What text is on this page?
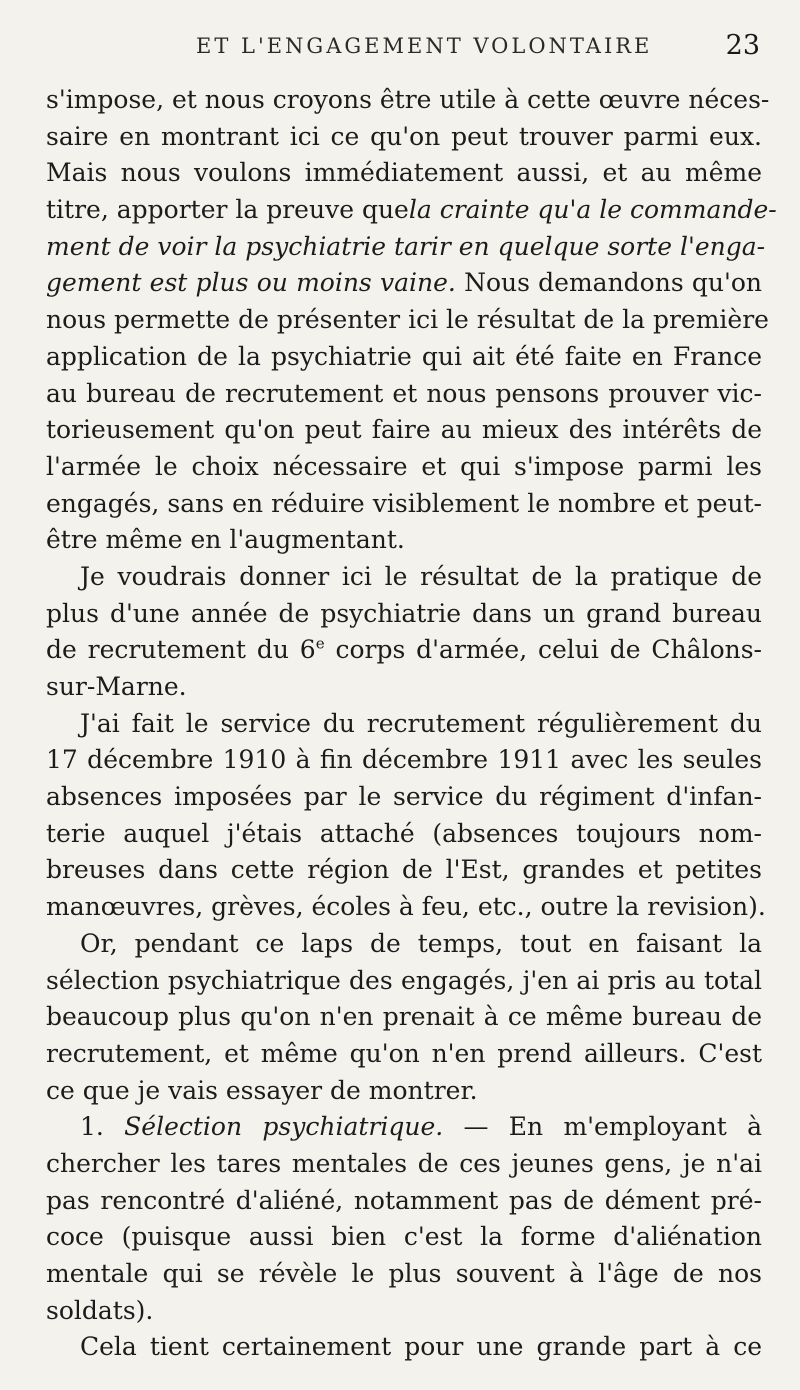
ET L'ENGAGEMENT VOLONTAIRE	23
s'impose, et nous croyons être utile à cette œuvre néces-
saire en montrant ici ce qu'on peut trouver parmi eux.
Mais nous voulons immédiatement aussi, et au même
titre, apporter la preuve quela crainte qu'a le commande-
ment de voir la psychiatrie tarir en quelque sorte l'enga-
gement est plus ou moins vaine. Nous demandons qu'on
nous permette de présenter ici le résultat de la première
application de la psychiatrie qui ait été faite en France
au bureau de recrutement et nous pensons prouver vic-
torieusement qu'on peut faire au mieux des intérêts de
l'armée le choix nécessaire et qui s'impose parmi les
engagés, sans en réduire visiblement le nombre et peut-
être même en l'augmentant.
Je voudrais donner ici le résultat de la pratique de
plus d'une année de psychiatrie dans un grand bureau
de recrutement du 6e corps d'armée, celui de Châlons-
sur-Marne.
J'ai fait le service du recrutement régulièrement du
17 décembre 1910 à fin décembre 1911 avec les seules
absences imposées par le service du régiment d'infan-
terie auquel j'étais attaché (absences toujours nom-
breuses dans cette région de l'Est, grandes et petites
manœuvres, grèves, écoles à feu, etc., outre la revision).
Or, pendant ce laps de temps, tout en faisant la
sélection psychiatrique des engagés, j'en ai pris au total
beaucoup plus qu'on n'en prenait à ce même bureau de
recrutement, et même qu'on n'en prend ailleurs. C'est
ce que je vais essayer de montrer.
1. Sélection psychiatrique. — En m'employant à
chercher les tares mentales de ces jeunes gens, je n'ai
pas rencontré d'aliéné, notamment pas de dément pré-
coce (puisque aussi bien c'est la forme d'aliénation
mentale qui se révèle le plus souvent à l'âge de nos
soldats).
Cela tient certainement pour une grande part à ce
